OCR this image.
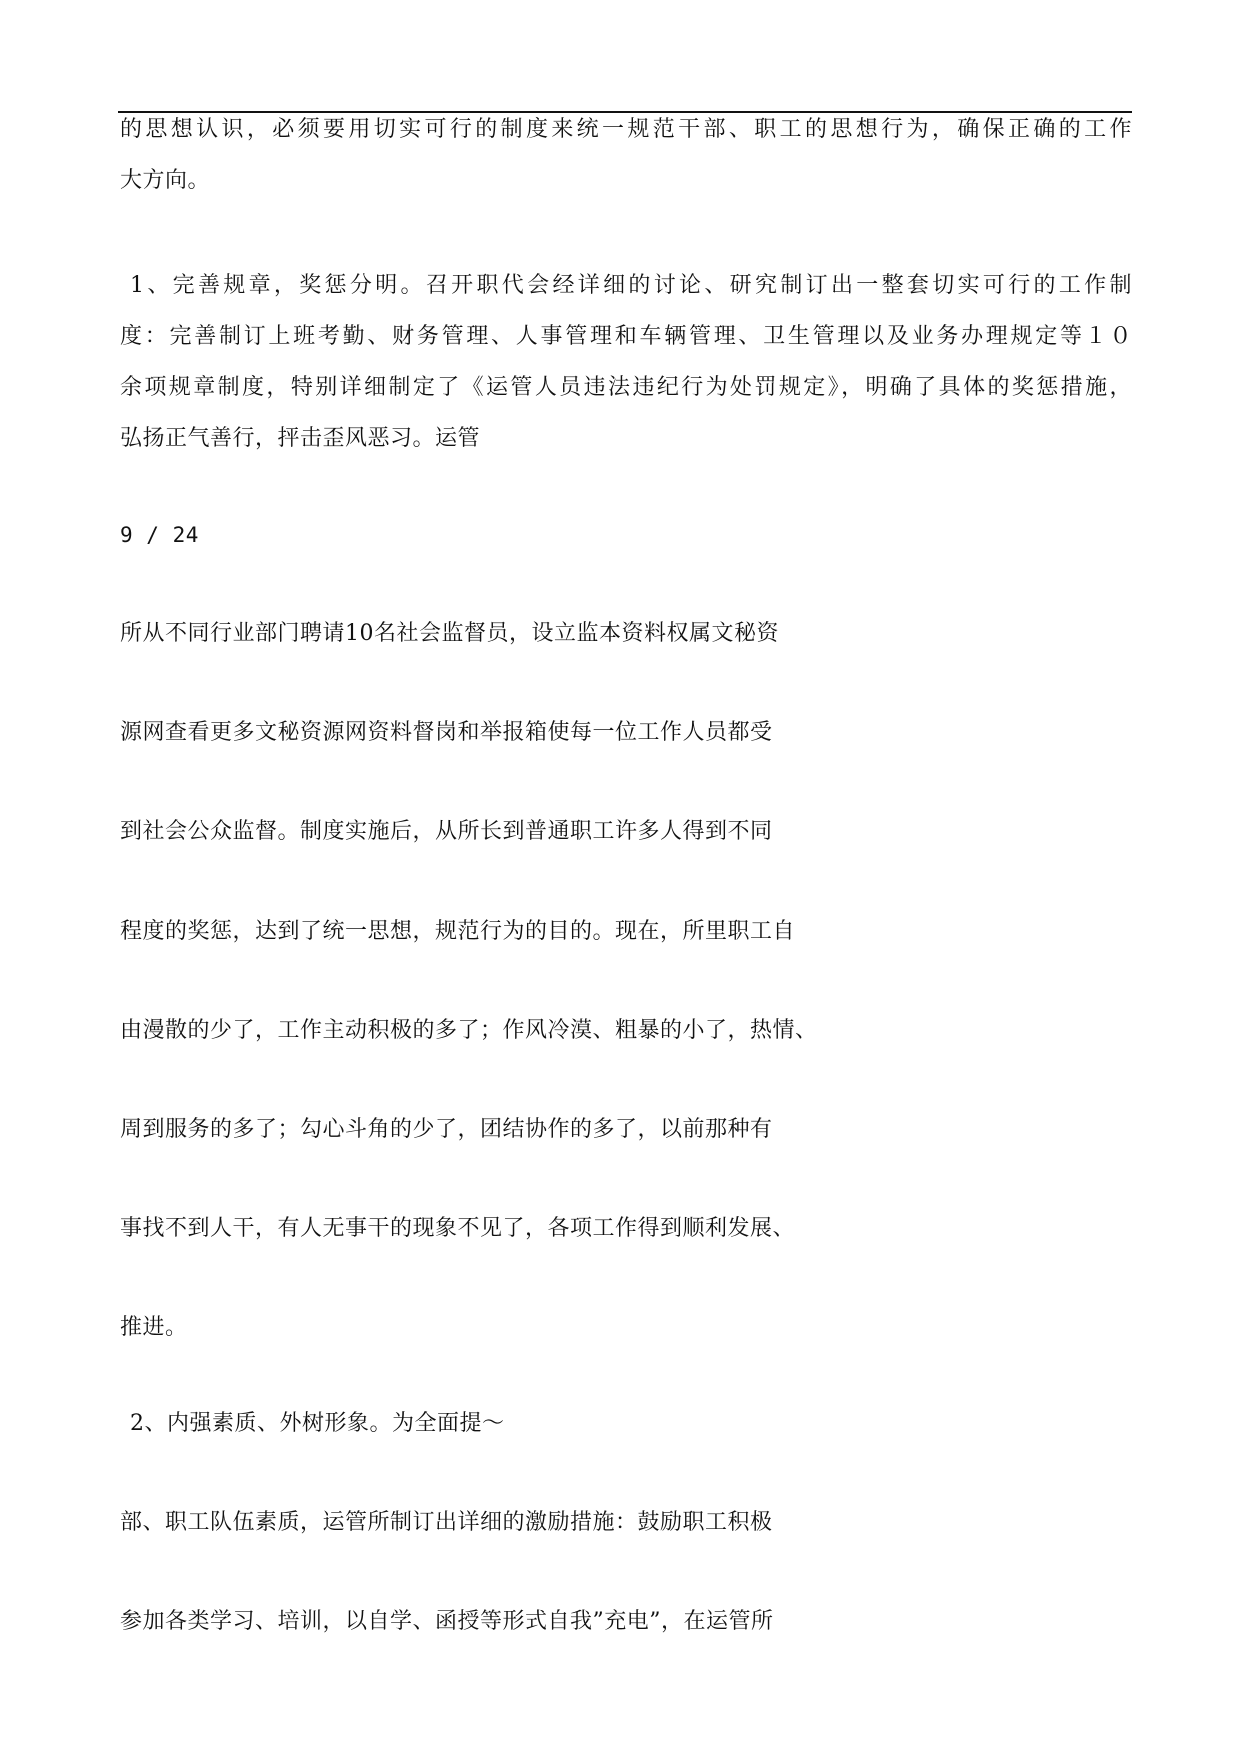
的思想认识，必须要用切实可行的制度来统一规范干部、职工的思想行为，确保正确的工作
大方向。
1、完善规章，奖惩分明。召开职代会经详细的讨论、研究制订出一整套切实可行的工作制
度：完善制订上班考勤、财务管理、人事管理和车辆管理、卫生管理以及业务办理规定等１０
余项规章制度，特别详细制定了《运管人员违法违纪行为处罚规定》，明确了具体的奖惩措施，
弘扬正气善行，抨击歪风恶习。运管
9 / 24
所从不同行业部门聘请10名社会监督员，设立监本资料权属文秘资
源网查看更多文秘资源网资料督岗和举报箱使每一位工作人员都受
到社会公众监督。制度实施后，从所长到普通职工许多人得到不同
程度的奖惩，达到了统一思想，规范行为的目的。现在，所里职工自
由漫散的少了，工作主动积极的多了；作风冷漠、粗暴的小了，热情、
周到服务的多了；勾心斗角的少了，团结协作的多了，以前那种有
事找不到人干，有人无事干的现象不见了，各项工作得到顺利发展、
推进。
2、内强素质、外树形象。为全面提～
部、职工队伍素质，运管所制订出详细的激励措施：鼓励职工积极
参加各类学习、培训，以自学、函授等形式自我”充电”，在运管所
